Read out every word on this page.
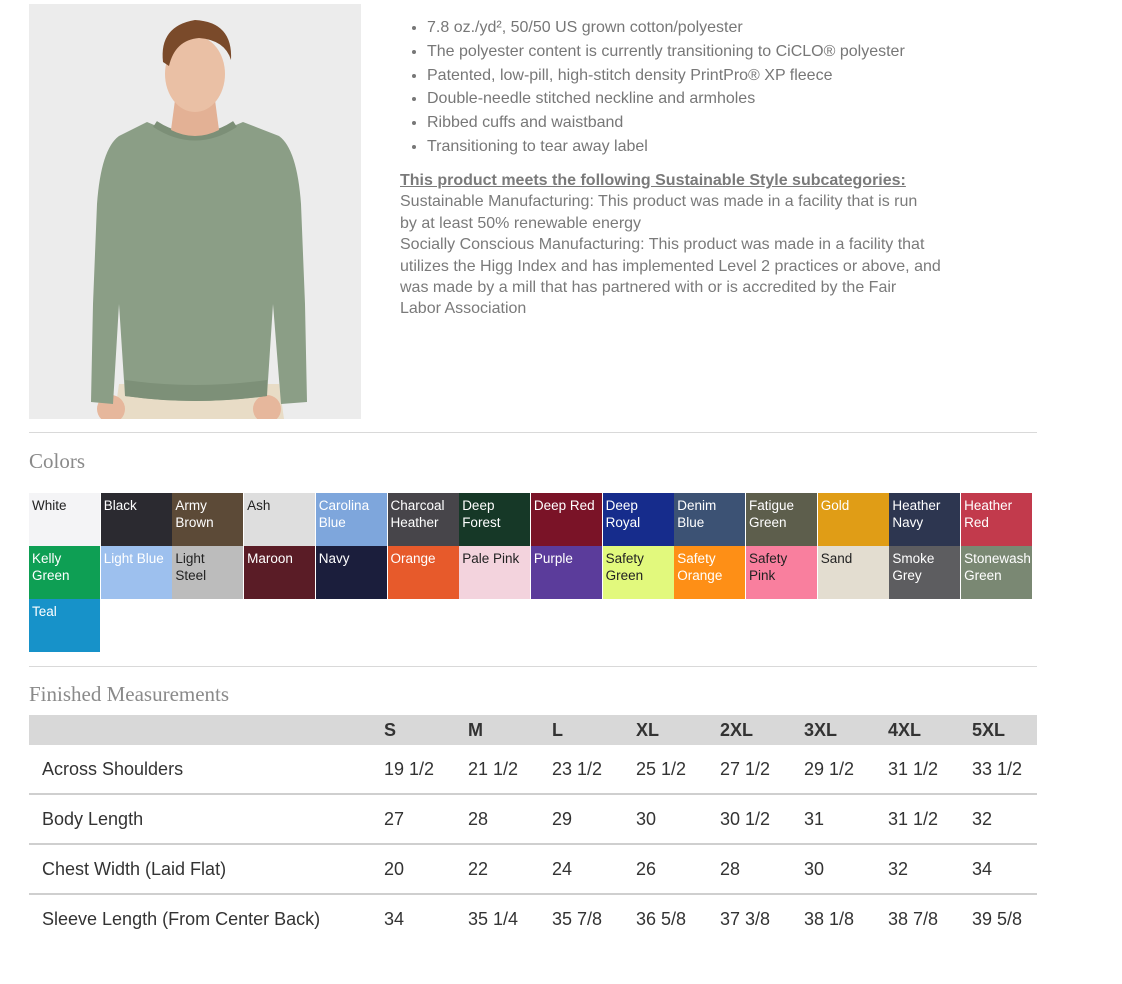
• 7.8 oz./yd², 50/50 US grown cotton/polyester
• The polyester content is currently transitioning to CiCLO® polyester
• Patented, low-pill, high-stitch density PrintPro® XP fleece
• Double-needle stitched neckline and armholes
• Ribbed cuffs and waistband
• Transitioning to tear away label
This product meets the following Sustainable Style subcategories:
Sustainable Manufacturing: This product was made in a facility that is run
by at least 50% renewable energy
Socially Conscious Manufacturing: This product was made in a facility that
utilizes the Higg Index and has implemented Level 2 practices or above, and
was made by a mill that has partnered with or is accredited by the Fair
Labor Association
Colors
White	Black	Army
Brown
Ash	Carolina
Blue
Charcoal
Heather
Deep
Forest
Deep Red Deep
Royal
Denim
Blue
Fatigue
Green
Gold	Heather
Navy
Heather
Red
Kelly
Green
Light Blue Light
Steel
Maroon	Navy	Orange	Pale Pink	Purple	Safety
Green
Safety
Orange
Safety
Pink
Sand	Smoke
Grey
Stonewash
Green
Teal
Finished Measurements
	S	M	L	XL	2XL	3XL	4XL	5XL
Across Shoulders	19 1/2	21 1/2	23 1/2	25 1/2	27 1/2	29 1/2	31 1/2	33 1/2
Body Length	27	28	29	30	30 1/2	31	31 1/2	32
Chest Width (Laid Flat)	20	22	24	26	28	30	32	34
Sleeve Length (From Center Back)	34	35 1/4	35 7/8	36 5/8	37 3/8	38 1/8	38 7/8	39 5/8
